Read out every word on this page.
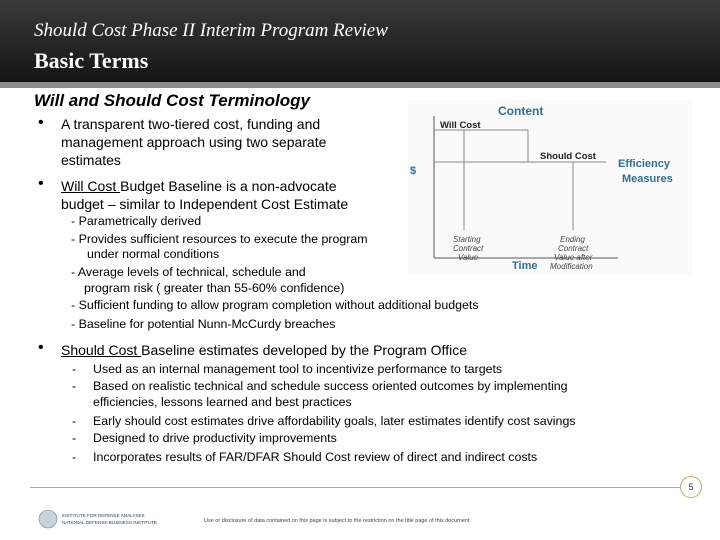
Should Cost Phase II Interim Program Review
Basic Terms
Will and Should Cost Terminology
• A transparent two-tiered cost, funding and
management approach using two separate
estimates
• Will Cost Budget Baseline is a non-advocate
budget – similar to Independent Cost Estimate
- Parametrically derived
- Provides sufficient resources to execute the program
under normal conditions
- Average levels of technical, schedule and
program risk ( greater than 55-60% confidence)
- Sufficient funding to allow program completion without additional budgets
- Baseline for potential Nunn-McCurdy breaches
• Should Cost Baseline estimates developed by the Program Office
- Used as an internal management tool to incentivize performance to targets
- Based on realistic technical and schedule success oriented outcomes by implementing
efficiencies, lessons learned and best practices
- Early should cost estimates drive affordability goals, later estimates identify cost savings
- Designed to drive productivity improvements
- Incorporates results of FAR/DFAR Should Cost review of direct and indirect costs
Content
Will Cost
Should Cost
Efficiency
Measures
$
Starting
Contract
Value
Ending
Contract
Value after
Modification
Time
5
INSTITUTE FOR DEFENSE ANALYSES
NATIONAL DEFENSE BUSINESS INSTITUTE	Use or disclosure of data contained on this page is subject to the restriction on the title page of this document.
